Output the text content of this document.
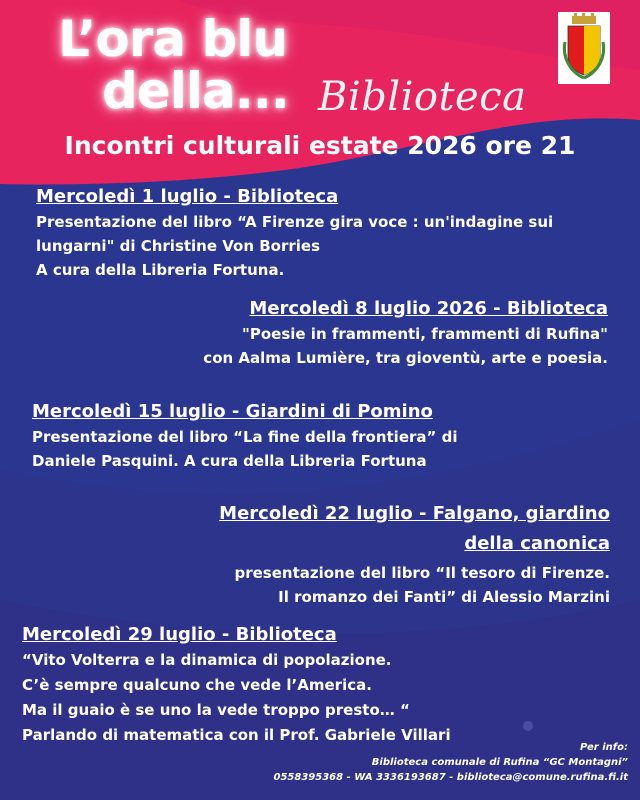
L’ora blu
della... Biblioteca
Incontri culturali estate 2026 ore 21
Mercoledì 1 luglio - Biblioteca

Presentazione del libro “A Firenze gira voce : un'indagine sui

lungarni" di Christine Von Borries

A cura della Libreria Fortuna.

Mercoledì 8 luglio 2026 - Biblioteca

"Poesie in frammenti, frammenti di Rufina"

con Aalma Lumière, tra gioventù, arte e poesia.

Mercoledì 15 luglio - Giardini di Pomino

Presentazione del libro “La fine della frontiera” di

Daniele Pasquini. A cura della Libreria Fortuna

Mercoledì 22 luglio - Falgano, giardino
della canonica

presentazione del libro “Il tesoro di Firenze.

Il romanzo dei Fanti” di Alessio Marzini

Mercoledì 29 luglio - Biblioteca

“Vito Volterra e la dinamica di popolazione.

C’è sempre qualcuno che vede l’America.

Ma il guaio è se uno la vede troppo presto… “

Parlando di matematica con il Prof. Gabriele Villari

Per info:
Biblioteca comunale di Rufina “GC Montagni”
0558395368 - WA 3336193687 - biblioteca@comune.rufina.fi.it
